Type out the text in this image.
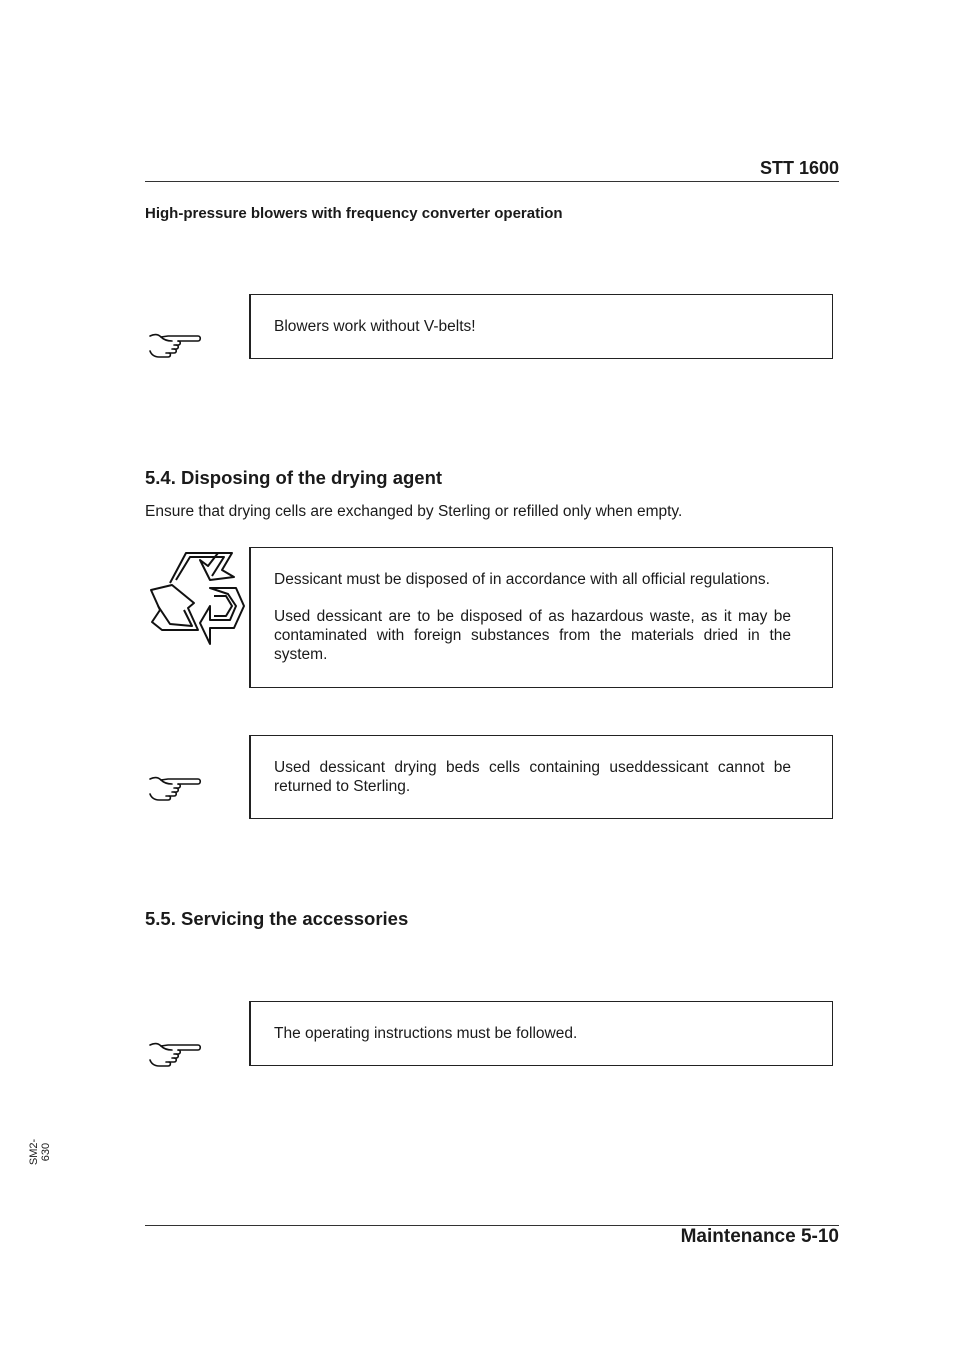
STT 1600
High-pressure blowers with frequency converter operation

Blowers work without V-belts!

5.4. Disposing of the drying agent
Ensure that drying cells are exchanged by Sterling or refilled only when empty.

Dessicant must be disposed of in accordance with all official regulations.

Used dessicant are to be disposed of as hazardous waste, as it may be contaminated with foreign substances from the materials dried in the system.

Used dessicant drying beds cells containing useddessicant cannot be returned to Sterling.

5.5. Servicing the accessories

The operating instructions must be followed.

SM2-630
Maintenance 5-10
